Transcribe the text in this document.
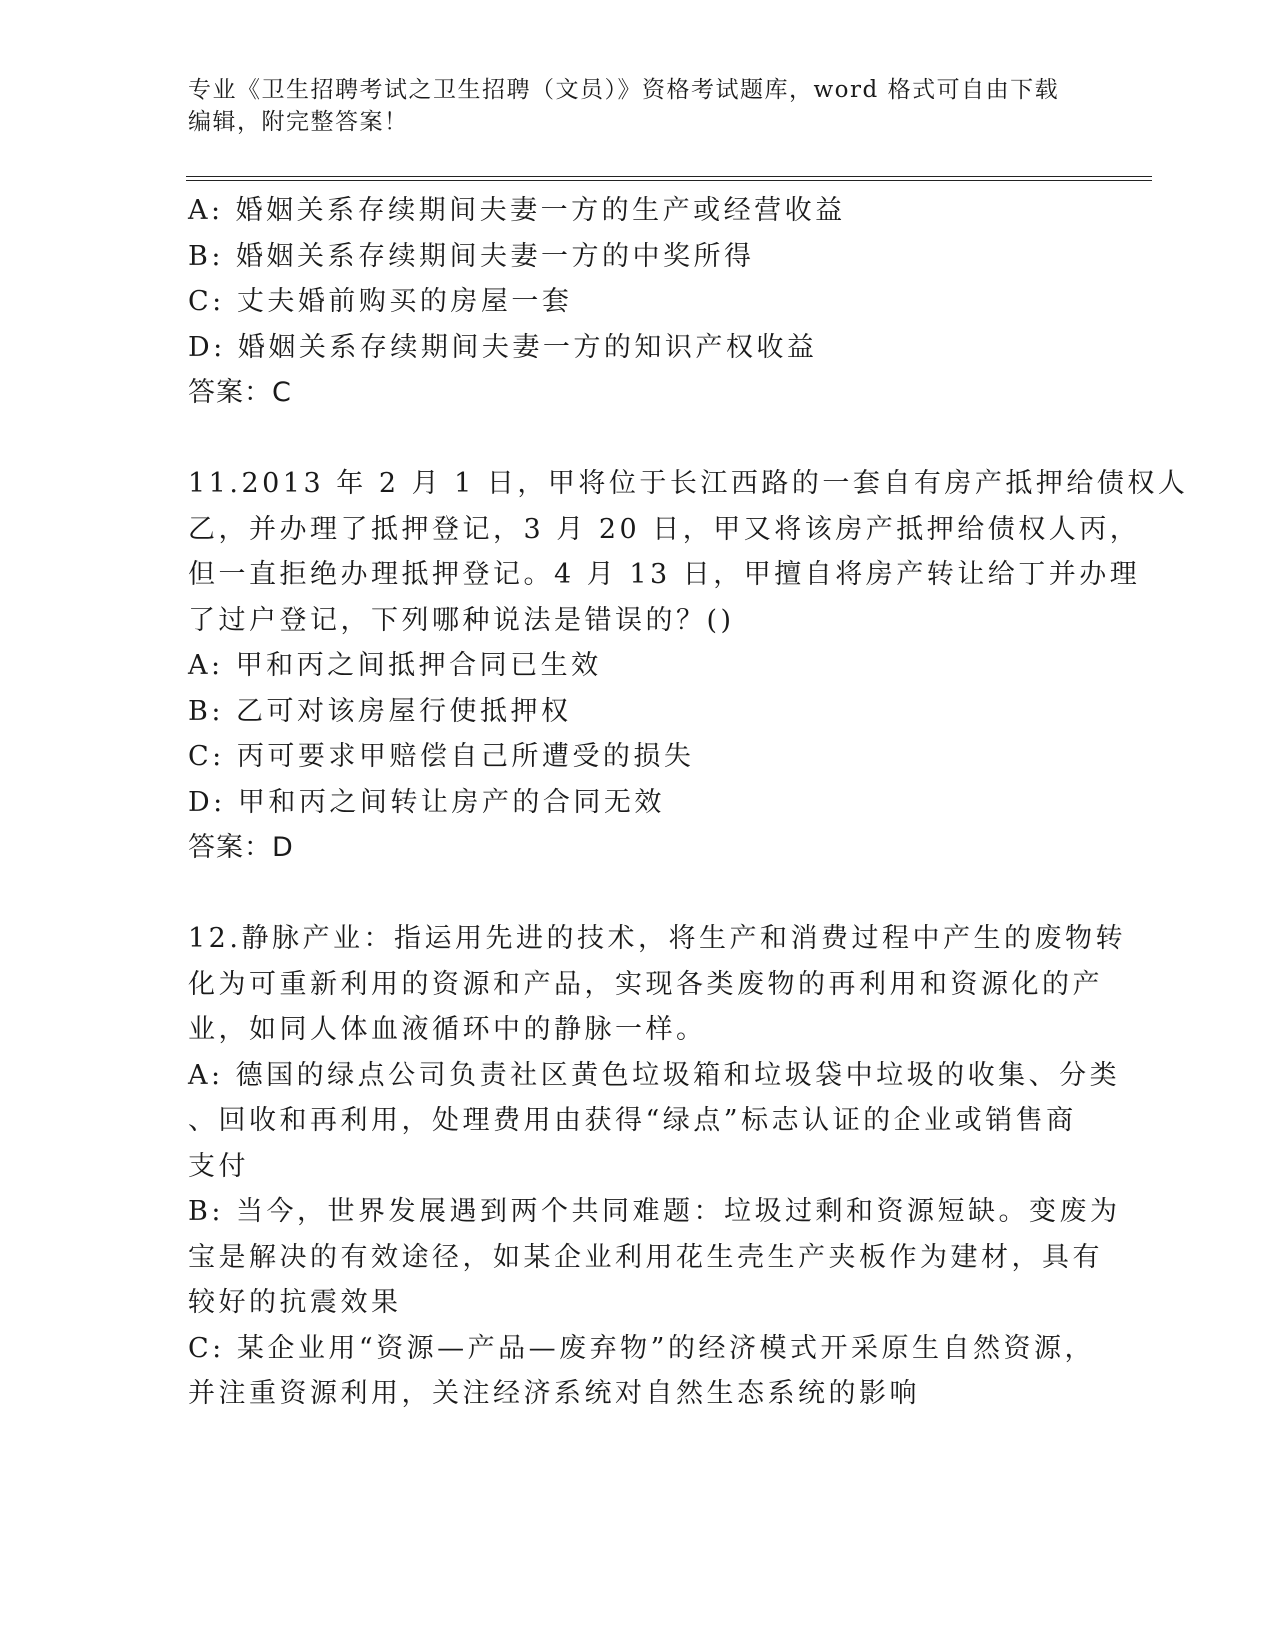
专业《卫生招聘考试之卫生招聘（文员）》资格考试题库，word 格式可自由下载
编辑，附完整答案！
A: 婚姻关系存续期间夫妻一方的生产或经营收益
B: 婚姻关系存续期间夫妻一方的中奖所得
C: 丈夫婚前购买的房屋一套
D: 婚姻关系存续期间夫妻一方的知识产权收益
答案：C
11.2013 年 2 月 1 日，甲将位于长江西路的一套自有房产抵押给债权人
乙，并办理了抵押登记，3 月 20 日，甲又将该房产抵押给债权人丙，
但一直拒绝办理抵押登记。4 月 13 日，甲擅自将房产转让给丁并办理
了过户登记，下列哪种说法是错误的？()
A: 甲和丙之间抵押合同已生效
B: 乙可对该房屋行使抵押权
C: 丙可要求甲赔偿自己所遭受的损失
D: 甲和丙之间转让房产的合同无效
答案：D
12.静脉产业：指运用先进的技术，将生产和消费过程中产生的废物转
化为可重新利用的资源和产品，实现各类废物的再利用和资源化的产
业，如同人体血液循环中的静脉一样。
A: 德国的绿点公司负责社区黄色垃圾箱和垃圾袋中垃圾的收集、分类
、回收和再利用，处理费用由获得“绿点”标志认证的企业或销售商
支付
B: 当今，世界发展遇到两个共同难题：垃圾过剩和资源短缺。变废为
宝是解决的有效途径，如某企业利用花生壳生产夹板作为建材，具有
较好的抗震效果
C: 某企业用“资源—产品—废弃物”的经济模式开采原生自然资源，
并注重资源利用，关注经济系统对自然生态系统的影响
